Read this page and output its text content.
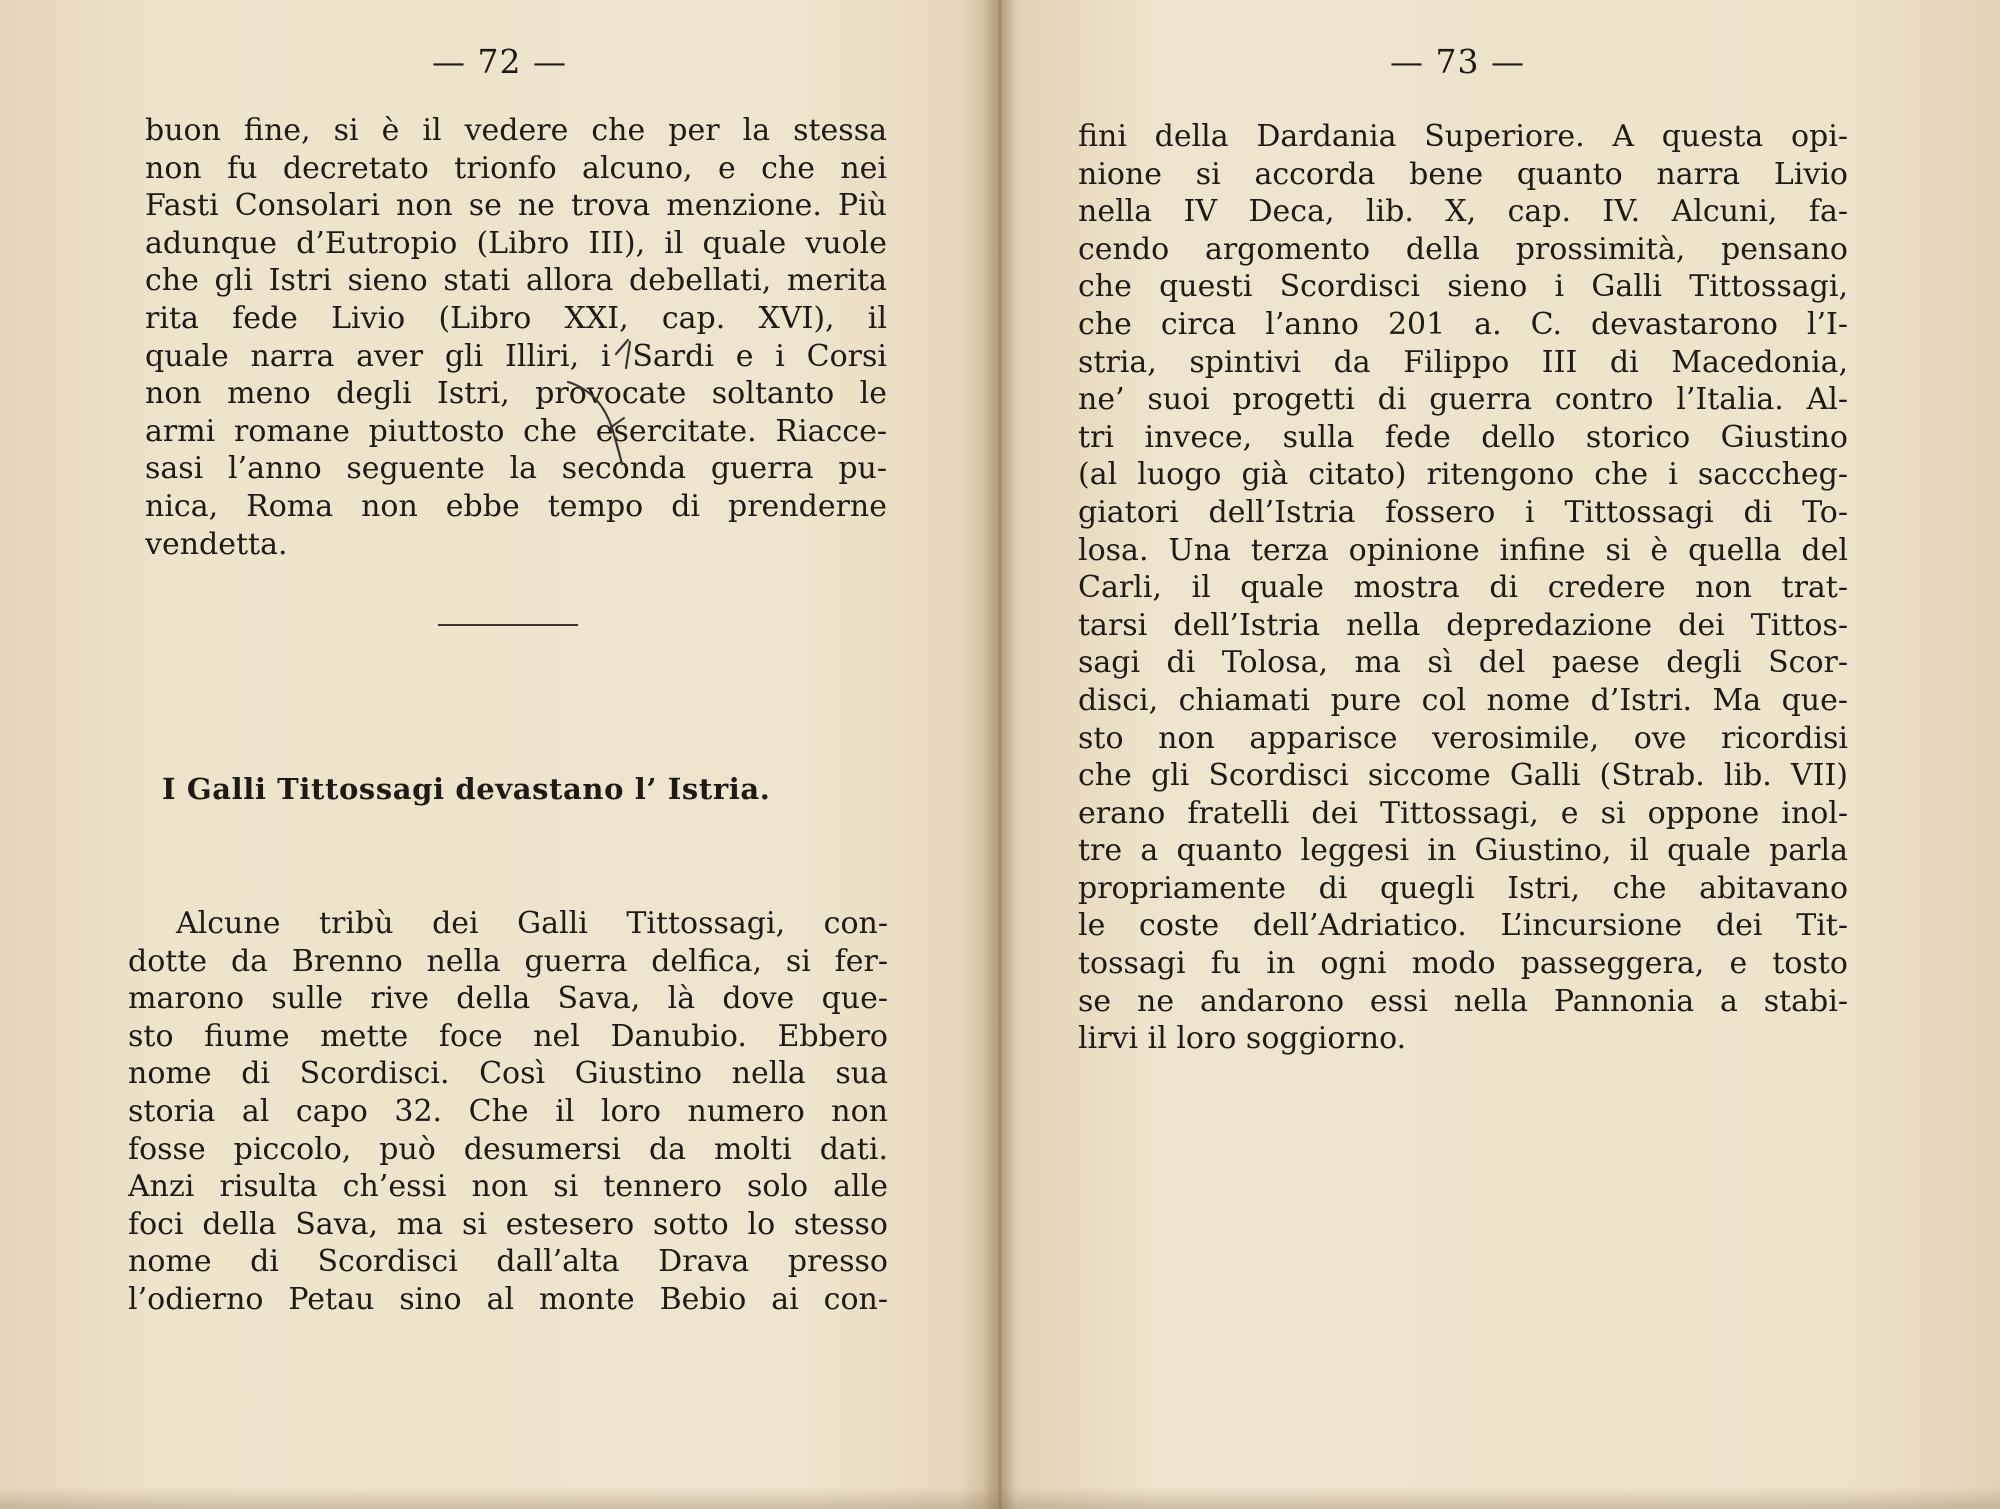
— 72 —
buon fine, si è il vedere che per la stessa
non fu decretato trionfo alcuno, e che nei
Fasti Consolari non se ne trova menzione. Più
adunque d’Eutropio (Libro III), il quale vuole
che gli Istri sieno stati allora debellati, merita
rita fede Livio (Libro XXI, cap. XVI), il
quale narra aver gli Illiri, i Sardi e i Corsi
non meno degli Istri, provocate soltanto le
armi romane piuttosto che esercitate. Riacce-
sasi l’anno seguente la seconda guerra pu-
nica, Roma non ebbe tempo di prenderne
vendetta.
I Galli Tittossagi devastano l’ Istria.
Alcune tribù dei Galli Tittossagi, con-
dotte da Brenno nella guerra delfica, si fer-
marono sulle rive della Sava, là dove que-
sto fiume mette foce nel Danubio. Ebbero
nome di Scordisci. Così Giustino nella sua
storia al capo 32. Che il loro numero non
fosse piccolo, può desumersi da molti dati.
Anzi risulta ch’essi non si tennero solo alle
foci della Sava, ma si estesero sotto lo stesso
nome di Scordisci dall’alta Drava presso
l’odierno Petau sino al monte Bebio ai con-
— 73 —
fini della Dardania Superiore. A questa opi-
nione si accorda bene quanto narra Livio
nella IV Deca, lib. X, cap. IV. Alcuni, fa-
cendo argomento della prossimità, pensano
che questi Scordisci sieno i Galli Tittossagi,
che circa l’anno 201 a. C. devastarono l’I-
stria, spintivi da Filippo III di Macedonia,
ne’ suoi progetti di guerra contro l’Italia. Al-
tri invece, sulla fede dello storico Giustino
(al luogo già citato) ritengono che i sacccheg-
giatori dell’Istria fossero i Tittossagi di To-
losa. Una terza opinione infine si è quella del
Carli, il quale mostra di credere non trat-
tarsi dell’Istria nella depredazione dei Tittos-
sagi di Tolosa, ma sì del paese degli Scor-
disci, chiamati pure col nome d’Istri. Ma que-
sto non apparisce verosimile, ove ricordisi
che gli Scordisci siccome Galli (Strab. lib. VII)
erano fratelli dei Tittossagi, e si oppone inol-
tre a quanto leggesi in Giustino, il quale parla
propriamente di quegli Istri, che abitavano
le coste dell’Adriatico. L’incursione dei Tit-
tossagi fu in ogni modo passeggera, e tosto
se ne andarono essi nella Pannonia a stabi-
lirvi il loro soggiorno.
